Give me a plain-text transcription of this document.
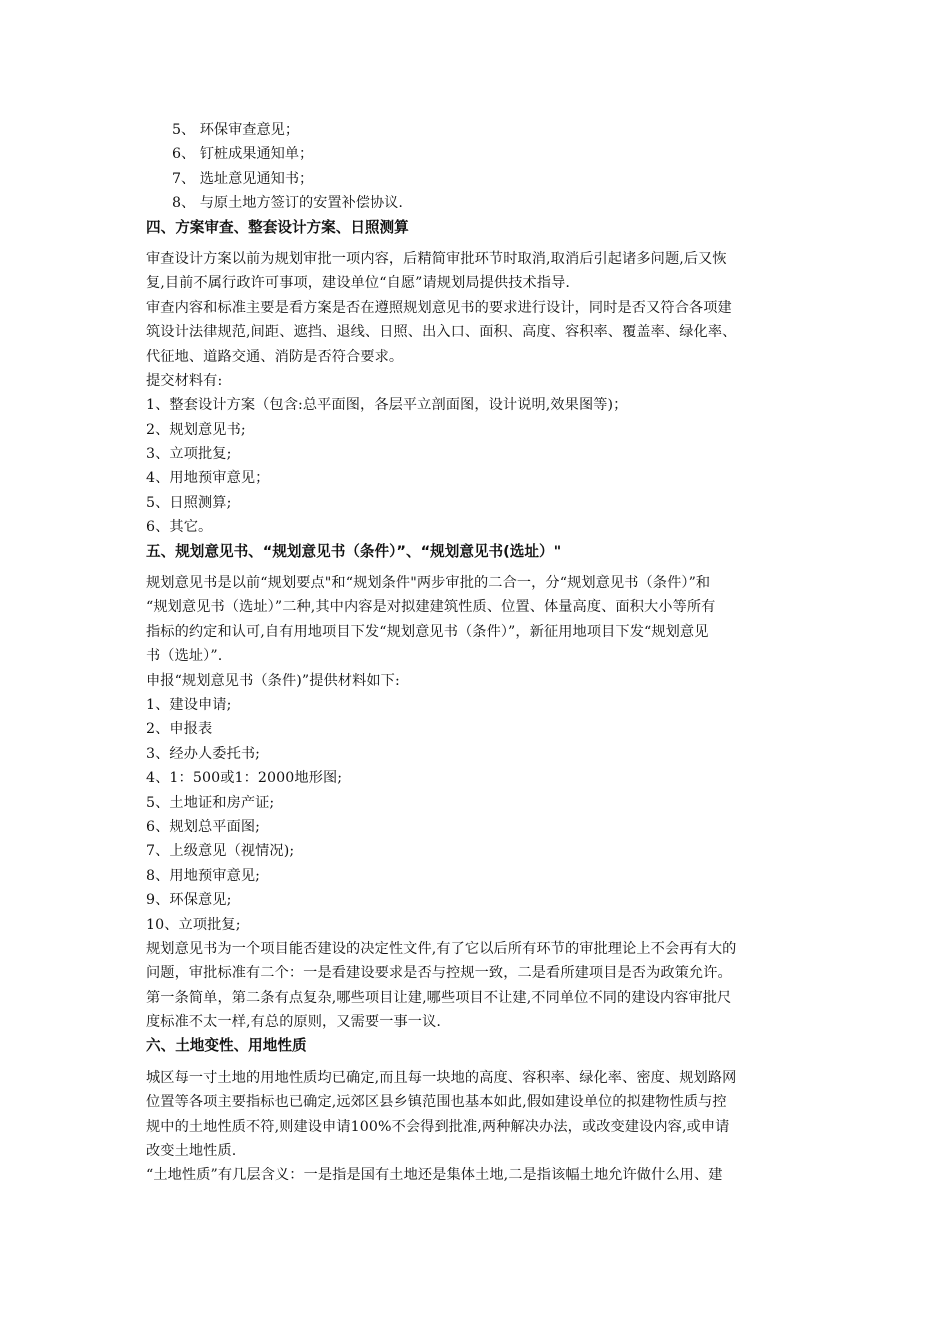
5、 环保审查意见；
6、 钉桩成果通知单；
7、 选址意见通知书；
8、 与原土地方签订的安置补偿协议.
四、方案审查、整套设计方案、日照测算
审查设计方案以前为规划审批一项内容，后精简审批环节时取消,取消后引起诸多问题,后又恢
复,目前不属行政许可事项，建设单位“自愿”请规划局提供技术指导.
审查内容和标准主要是看方案是否在遵照规划意见书的要求进行设计，同时是否又符合各项建
筑设计法律规范,间距、遮挡、退线、日照、出入口、面积、高度、容积率、覆盖率、绿化率、
代征地、道路交通、消防是否符合要求。
提交材料有:
1、整套设计方案（包含:总平面图，各层平立剖面图，设计说明,效果图等)；
2、规划意见书;
3、立项批复;
4、用地预审意见；
5、日照测算;
6、其它。
五、规划意见书、“规划意见书（条件）”、“规划意见书(选址）"
规划意见书是以前“规划要点"和“规划条件"两步审批的二合一，分“规划意见书（条件）”和
“规划意见书（选址）”二种,其中内容是对拟建建筑性质、位置、体量高度、面积大小等所有
指标的约定和认可,自有用地项目下发“规划意见书（条件）”，新征用地项目下发“规划意见
书（选址）”.
申报“规划意见书（条件)”提供材料如下:
1、建设申请;
2、申报表
3、经办人委托书;
4、1：500或1：2000地形图;
5、土地证和房产证;
6、规划总平面图;
7、上级意见（视情况);
8、用地预审意见;
9、环保意见;
10、立项批复;
规划意见书为一个项目能否建设的决定性文件,有了它以后所有环节的审批理论上不会再有大的
问题，审批标准有二个：一是看建设要求是否与控规一致，二是看所建项目是否为政策允许。
第一条简单，第二条有点复杂,哪些项目让建,哪些项目不让建,不同单位不同的建设内容审批尺
度标准不太一样,有总的原则，又需要一事一议.
六、土地变性、用地性质
城区每一寸土地的用地性质均已确定,而且每一块地的高度、容积率、绿化率、密度、规划路网
位置等各项主要指标也已确定,远郊区县乡镇范围也基本如此,假如建设单位的拟建物性质与控
规中的土地性质不符,则建设申请100%不会得到批准,两种解决办法，或改变建设内容,或申请
改变土地性质.
“土地性质”有几层含义：一是指是国有土地还是集体土地,二是指该幅土地允许做什么用、建
